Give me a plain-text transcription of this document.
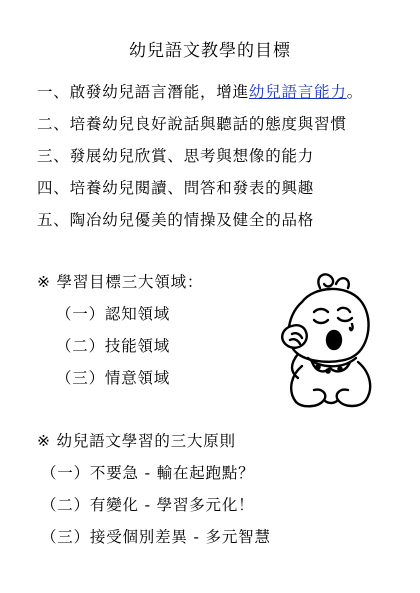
幼兒語文教學的目標
一、啟發幼兒語言潛能，增進幼兒語言能力。
二、培養幼兒良好說話與聽話的態度與習慣
三、發展幼兒欣賞、思考與想像的能力
四、培養幼兒閱讀、問答和發表的興趣
五、陶冶幼兒優美的情操及健全的品格
※ 學習目標三大領域：
（一）認知領域
（二）技能領域
（三）情意領域
※ 幼兒語文學習的三大原則
（一）不要急 - 輸在起跑點？
（二）有變化 - 學習多元化！
（三）接受個別差異 - 多元智慧
